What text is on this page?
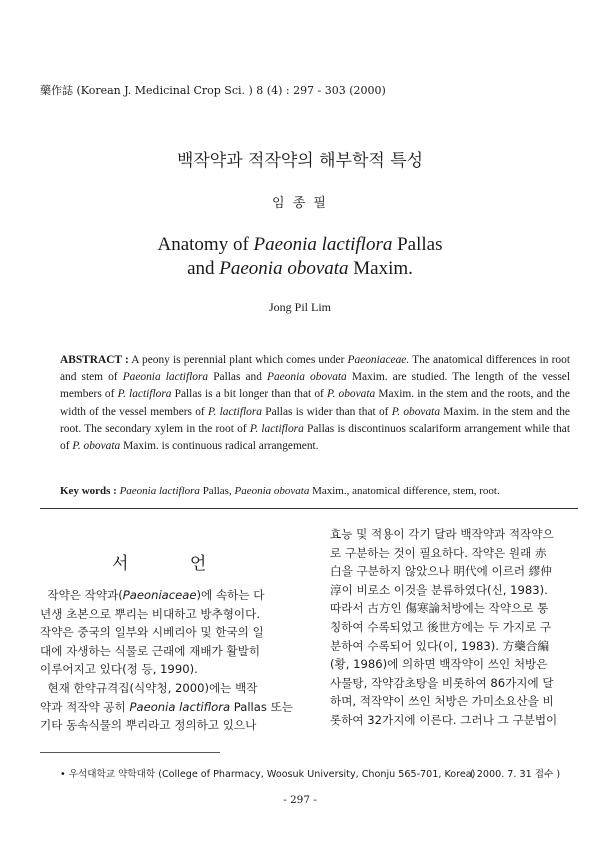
藥作誌 (Korean J. Medicinal Crop Sci. ) 8 (4) : 297 - 303 (2000)
백작약과 적작약의 해부학적 특성
임 종 필
Anatomy of Paeonia lactiflora Pallas
and Paeonia obovata Maxim.
Jong Pil Lim
ABSTRACT : A peony is perennial plant which comes under Paeoniaceae. The anatomical differences in root and stem of Paeonia lactiflora Pallas and Paeonia obovata Maxim. are studied. The length of the vessel members of P. lactiflora Pallas is a bit longer than that of P. obovata Maxim. in the stem and the roots, and the width of the vessel members of P. lactiflora Pallas is wider than that of P. obovata Maxim. in the stem and the root. The secondary xylem in the root of P. lactiflora Pallas is discontinuos scalariform arrangement while that of P. obovata Maxim. is continuous radical arrangement.
Key words : Paeonia lactiflora Pallas, Paeonia obovata Maxim., anatomical difference, stem, root.
서 언
작약은 작약과(Paeoniaceae)에 속하는 다
년생 초본으로 뿌리는 비대하고 방추형이다.
작약은 중국의 일부와 시베리아 및 한국의 일
대에 자생하는 식물로 근래에 재배가 활발히
이루어지고 있다(정 등, 1990).
현재 한약규격집(식약청, 2000)에는 백작
약과 적작약 공히 Paeonia lactiflora Pallas 또는
기타 동속식물의 뿌리라고 정의하고 있으나
효능 및 적용이 각기 달라 백작약과 적작약으
로 구분하는 것이 필요하다. 작약은 원래 赤
白을 구분하지 않았으나 明代에 이르러 繆仲
淳이 비로소 이것을 분류하였다(신, 1983).
따라서 古方인 傷寒論처방에는 작약으로 통
칭하여 수록되었고 後世方에는 두 가지로 구
분하여 수록되어 있다(이, 1983). 方藥合編
(황, 1986)에 의하면 백작약이 쓰인 처방은
사물탕, 작약감초탕을 비롯하여 86가지에 달
하며, 적작약이 쓰인 처방은 가미소요산을 비
롯하여 32가지에 이른다. 그러나 그 구분법이
• 우석대학교 약학대학 (College of Pharmacy, Woosuk University, Chonju 565-701, Korea)
( 2000. 7. 31 접수 )
- 297 -
